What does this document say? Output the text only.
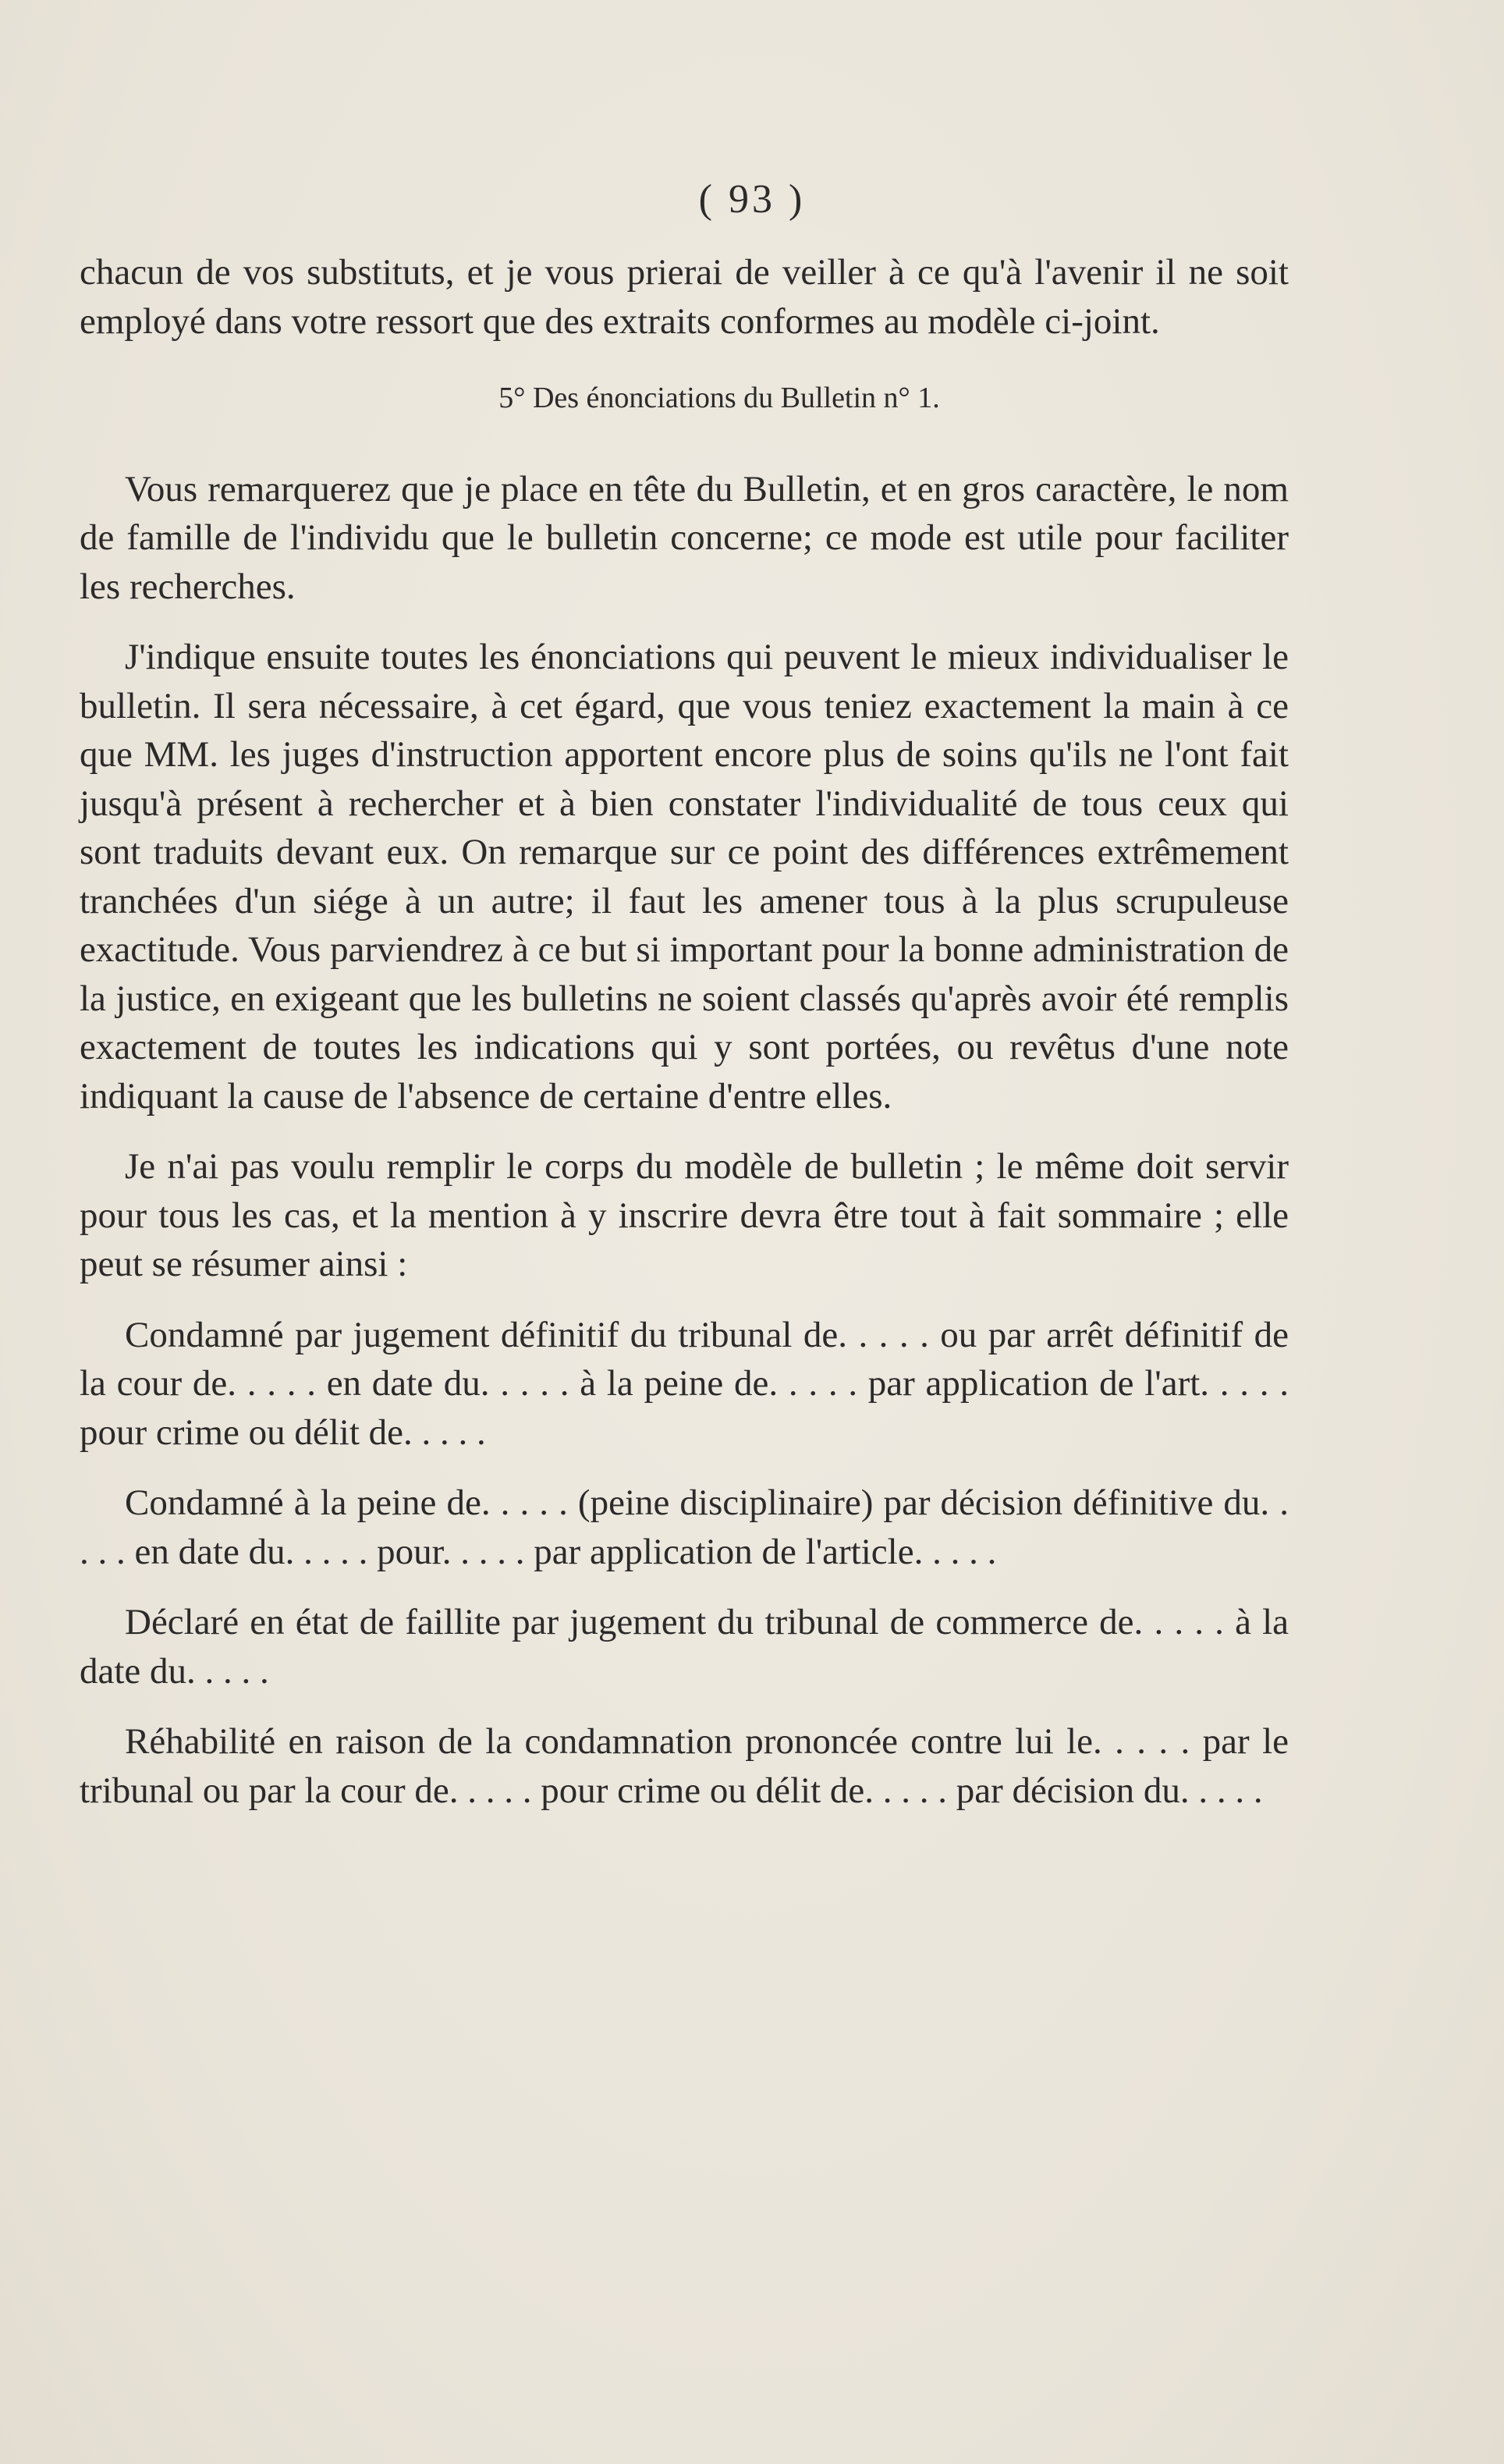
( 93 )

chacun de vos substituts, et je vous prierai de veiller à ce qu'à l'avenir il ne soit employé dans votre ressort que des extraits conformes au modèle ci-joint.

5° Des énonciations du Bulletin n° 1.

Vous remarquerez que je place en tête du Bulletin, et en gros caractère, le nom de famille de l'individu que le bulletin concerne; ce mode est utile pour faciliter les recherches.

J'indique ensuite toutes les énonciations qui peuvent le mieux individualiser le bulletin. Il sera nécessaire, à cet égard, que vous teniez exactement la main à ce que MM. les juges d'instruction apportent encore plus de soins qu'ils ne l'ont fait jusqu'à présent à rechercher et à bien constater l'individualité de tous ceux qui sont traduits devant eux. On remarque sur ce point des différences extrêmement tranchées d'un siége à un autre; il faut les amener tous à la plus scrupuleuse exactitude. Vous parviendrez à ce but si important pour la bonne administration de la justice, en exigeant que les bulletins ne soient classés qu'après avoir été remplis exactement de toutes les indications qui y sont portées, ou revêtus d'une note indiquant la cause de l'absence de certaine d'entre elles.

Je n'ai pas voulu remplir le corps du modèle de bulletin ; le même doit servir pour tous les cas, et la mention à y inscrire devra être tout à fait sommaire ; elle peut se résumer ainsi :

Condamné par jugement définitif du tribunal de. . . . . ou par arrêt définitif de la cour de. . . . . en date du. . . . . à la peine de. . . . . par application de l'art. . . . . pour crime ou délit de. . . . .

Condamné à la peine de. . . . . (peine disciplinaire) par décision définitive du. . . . . en date du. . . . . pour. . . . . par application de l'article. . . . .

Déclaré en état de faillite par jugement du tribunal de commerce de. . . . . à la date du. . . . .

Réhabilité en raison de la condamnation prononcée contre lui le. . . . . par le tribunal ou par la cour de. . . . . pour crime ou délit de. . . . . par décision du. . . . .
